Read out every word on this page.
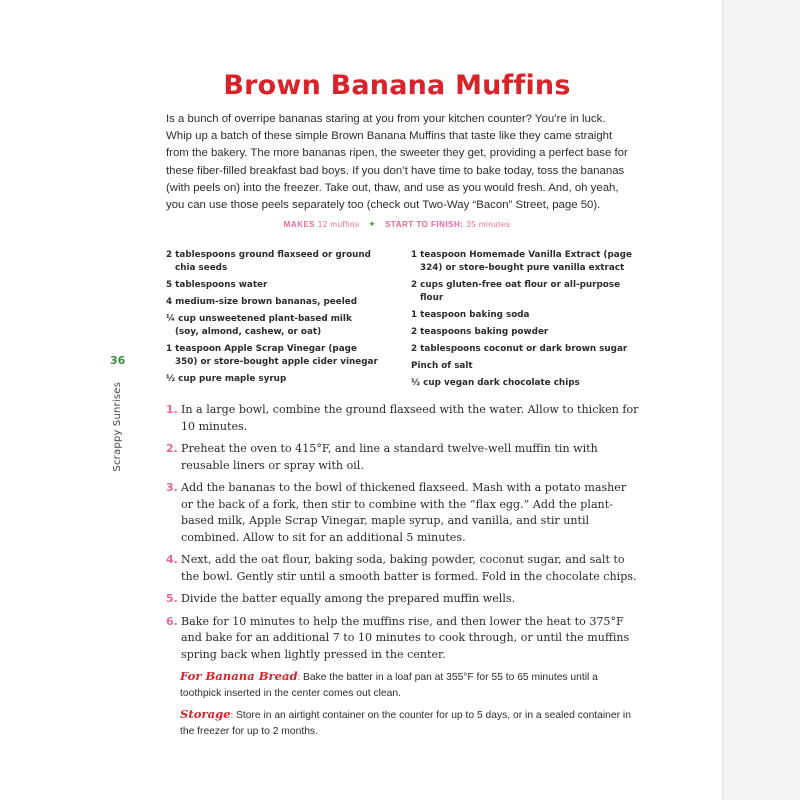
Brown Banana Muffins

Is a bunch of overripe bananas staring at you from your kitchen counter? You’re in luck. Whip up a batch of these simple Brown Banana Muffins that taste like they came straight from the bakery. The more bananas ripen, the sweeter they get, providing a perfect base for these fiber-filled breakfast bad boys. If you don’t have time to bake today, toss the bananas (with peels on) into the freezer. Take out, thaw, and use as you would fresh. And, oh yeah, you can use those peels separately too (check out Two-Way “Bacon” Street, page 50).

MAKES 12 muffins ✦ START TO FINISH: 35 minutes
2 tablespoons ground flaxseed or ground chia seeds
5 tablespoons water
4 medium-size brown bananas, peeled
¼ cup unsweetened plant-based milk (soy, almond, cashew, or oat)
1 teaspoon Apple Scrap Vinegar (page 350) or store-bought apple cider vinegar
½ cup pure maple syrup
1 teaspoon Homemade Vanilla Extract (page 324) or store-bought pure vanilla extract
2 cups gluten-free oat flour or all-purpose flour
1 teaspoon baking soda
2 teaspoons baking powder
2 tablespoons coconut or dark brown sugar
Pinch of salt
½ cup vegan dark chocolate chips
36
Scrappy Sunrises	1. In a large bowl, combine the ground flaxseed with the water. Allow to thicken for 10 minutes.
2. Preheat the oven to 415°F, and line a standard twelve-well muffin tin with reusable liners or spray with oil.
3. Add the bananas to the bowl of thickened flaxseed. Mash with a potato masher or the back of a fork, then stir to combine with the “flax egg.” Add the plant-based milk, Apple Scrap Vinegar, maple syrup, and vanilla, and stir until combined. Allow to sit for an additional 5 minutes.
4. Next, add the oat flour, baking soda, baking powder, coconut sugar, and salt to the bowl. Gently stir until a smooth batter is formed. Fold in the chocolate chips.
5. Divide the batter equally among the prepared muffin wells.
6. Bake for 10 minutes to help the muffins rise, and then lower the heat to 375°F and bake for an additional 7 to 10 minutes to cook through, or until the muffins spring back when lightly pressed in the center.

For Banana Bread: Bake the batter in a loaf pan at 355°F for 55 to 65 minutes until a toothpick inserted in the center comes out clean.

Storage: Store in an airtight container on the counter for up to 5 days, or in a sealed container in the freezer for up to 2 months.
